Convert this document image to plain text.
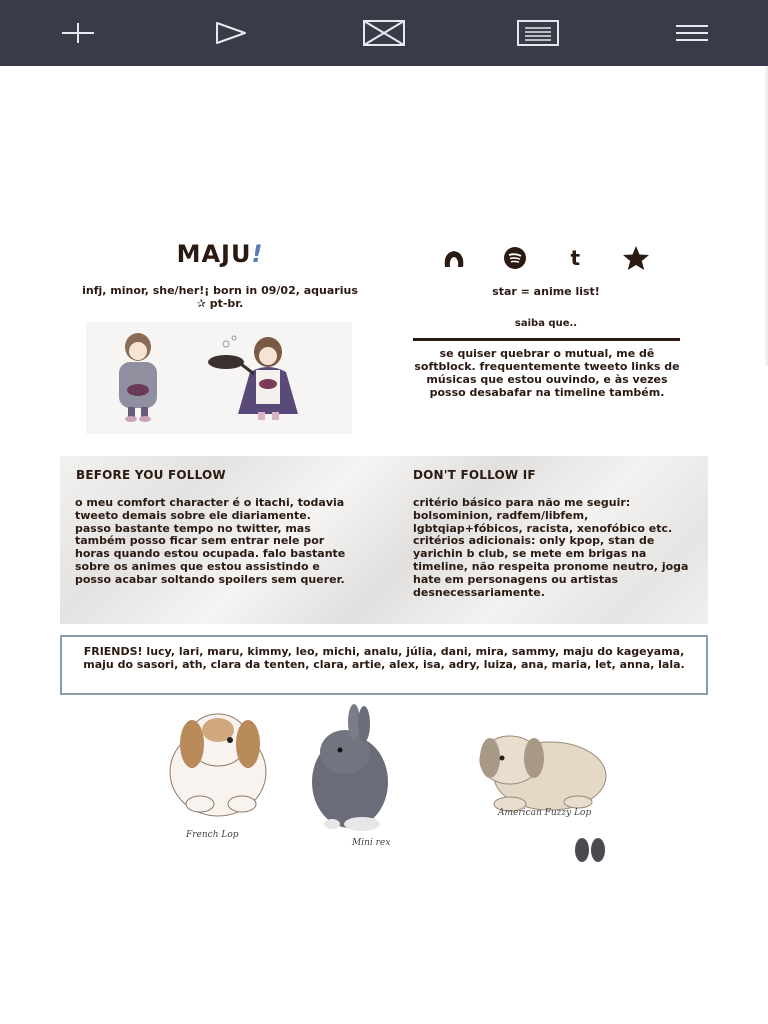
MAJU!
infj, minor, she/her!¡ born in 09/02, aquarius ✰ pt-br.
t
star = anime list!
saiba que..
se quiser quebrar o mutual, me dê softblock. frequentemente tweeto links de músicas que estou ouvindo, e às vezes posso desabafar na timeline também.
BEFORE YOU FOLLOW
o meu comfort character é o itachi, todavia tweeto demais sobre ele diariamente. passo bastante tempo no twitter, mas também posso ficar sem entrar nele por horas quando estou ocupada. falo bastante sobre os animes que estou assistindo e posso acabar soltando spoilers sem querer.
DON'T FOLLOW IF
critério básico para não me seguir: bolsominion, radfem/libfem, lgbtqiap+fóbicos, racista, xenofóbico etc. critérios adicionais: only kpop, stan de yarichin b club, se mete em brigas na timeline, não respeita pronome neutro, joga hate em personagens ou artistas desnecessariamente.
FRIENDS! lucy, lari, maru, kimmy, leo, michi, analu, júlia, dani, mira, sammy, maju do kageyama, maju do sasori, ath, clara da tenten, clara, artie, alex, isa, adry, luiza, ana, maria, let, anna, lala.
French Lop
Mini rex
American Fuzzy Lop
